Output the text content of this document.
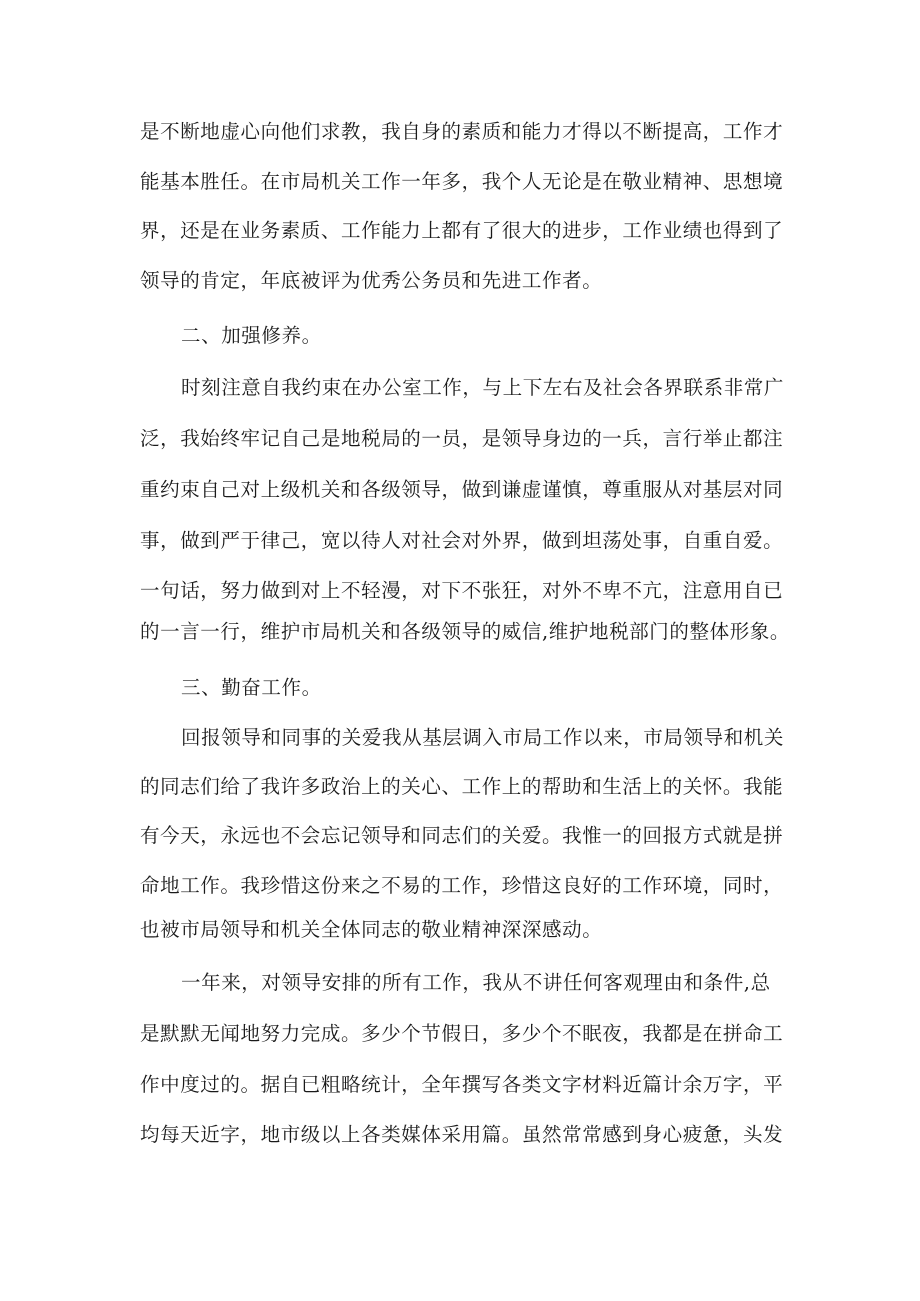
是不断地虚心向他们求教，我自身的素质和能力才得以不断提高，工作才
能基本胜任。在市局机关工作一年多，我个人无论是在敬业精神、思想境
界，还是在业务素质、工作能力上都有了很大的进步，工作业绩也得到了
领导的肯定，年底被评为优秀公务员和先进工作者。
二、加强修养。
时刻注意自我约束在办公室工作，与上下左右及社会各界联系非常广
泛，我始终牢记自己是地税局的一员，是领导身边的一兵，言行举止都注
重约束自己对上级机关和各级领导，做到谦虚谨慎，尊重服从对基层对同
事，做到严于律己，宽以待人对社会对外界，做到坦荡处事，自重自爱。
一句话，努力做到对上不轻漫，对下不张狂，对外不卑不亢，注意用自已
的一言一行，维护市局机关和各级领导的威信,维护地税部门的整体形象。
三、勤奋工作。
回报领导和同事的关爱我从基层调入市局工作以来，市局领导和机关
的同志们给了我许多政治上的关心、工作上的帮助和生活上的关怀。我能
有今天，永远也不会忘记领导和同志们的关爱。我惟一的回报方式就是拼
命地工作。我珍惜这份来之不易的工作，珍惜这良好的工作环境，同时，
也被市局领导和机关全体同志的敬业精神深深感动。
一年来，对领导安排的所有工作，我从不讲任何客观理由和条件,总
是默默无闻地努力完成。多少个节假日，多少个不眠夜，我都是在拼命工
作中度过的。据自已粗略统计，全年撰写各类文字材料近篇计余万字，平
均每天近字，地市级以上各类媒体采用篇。虽然常常感到身心疲惫，头发
